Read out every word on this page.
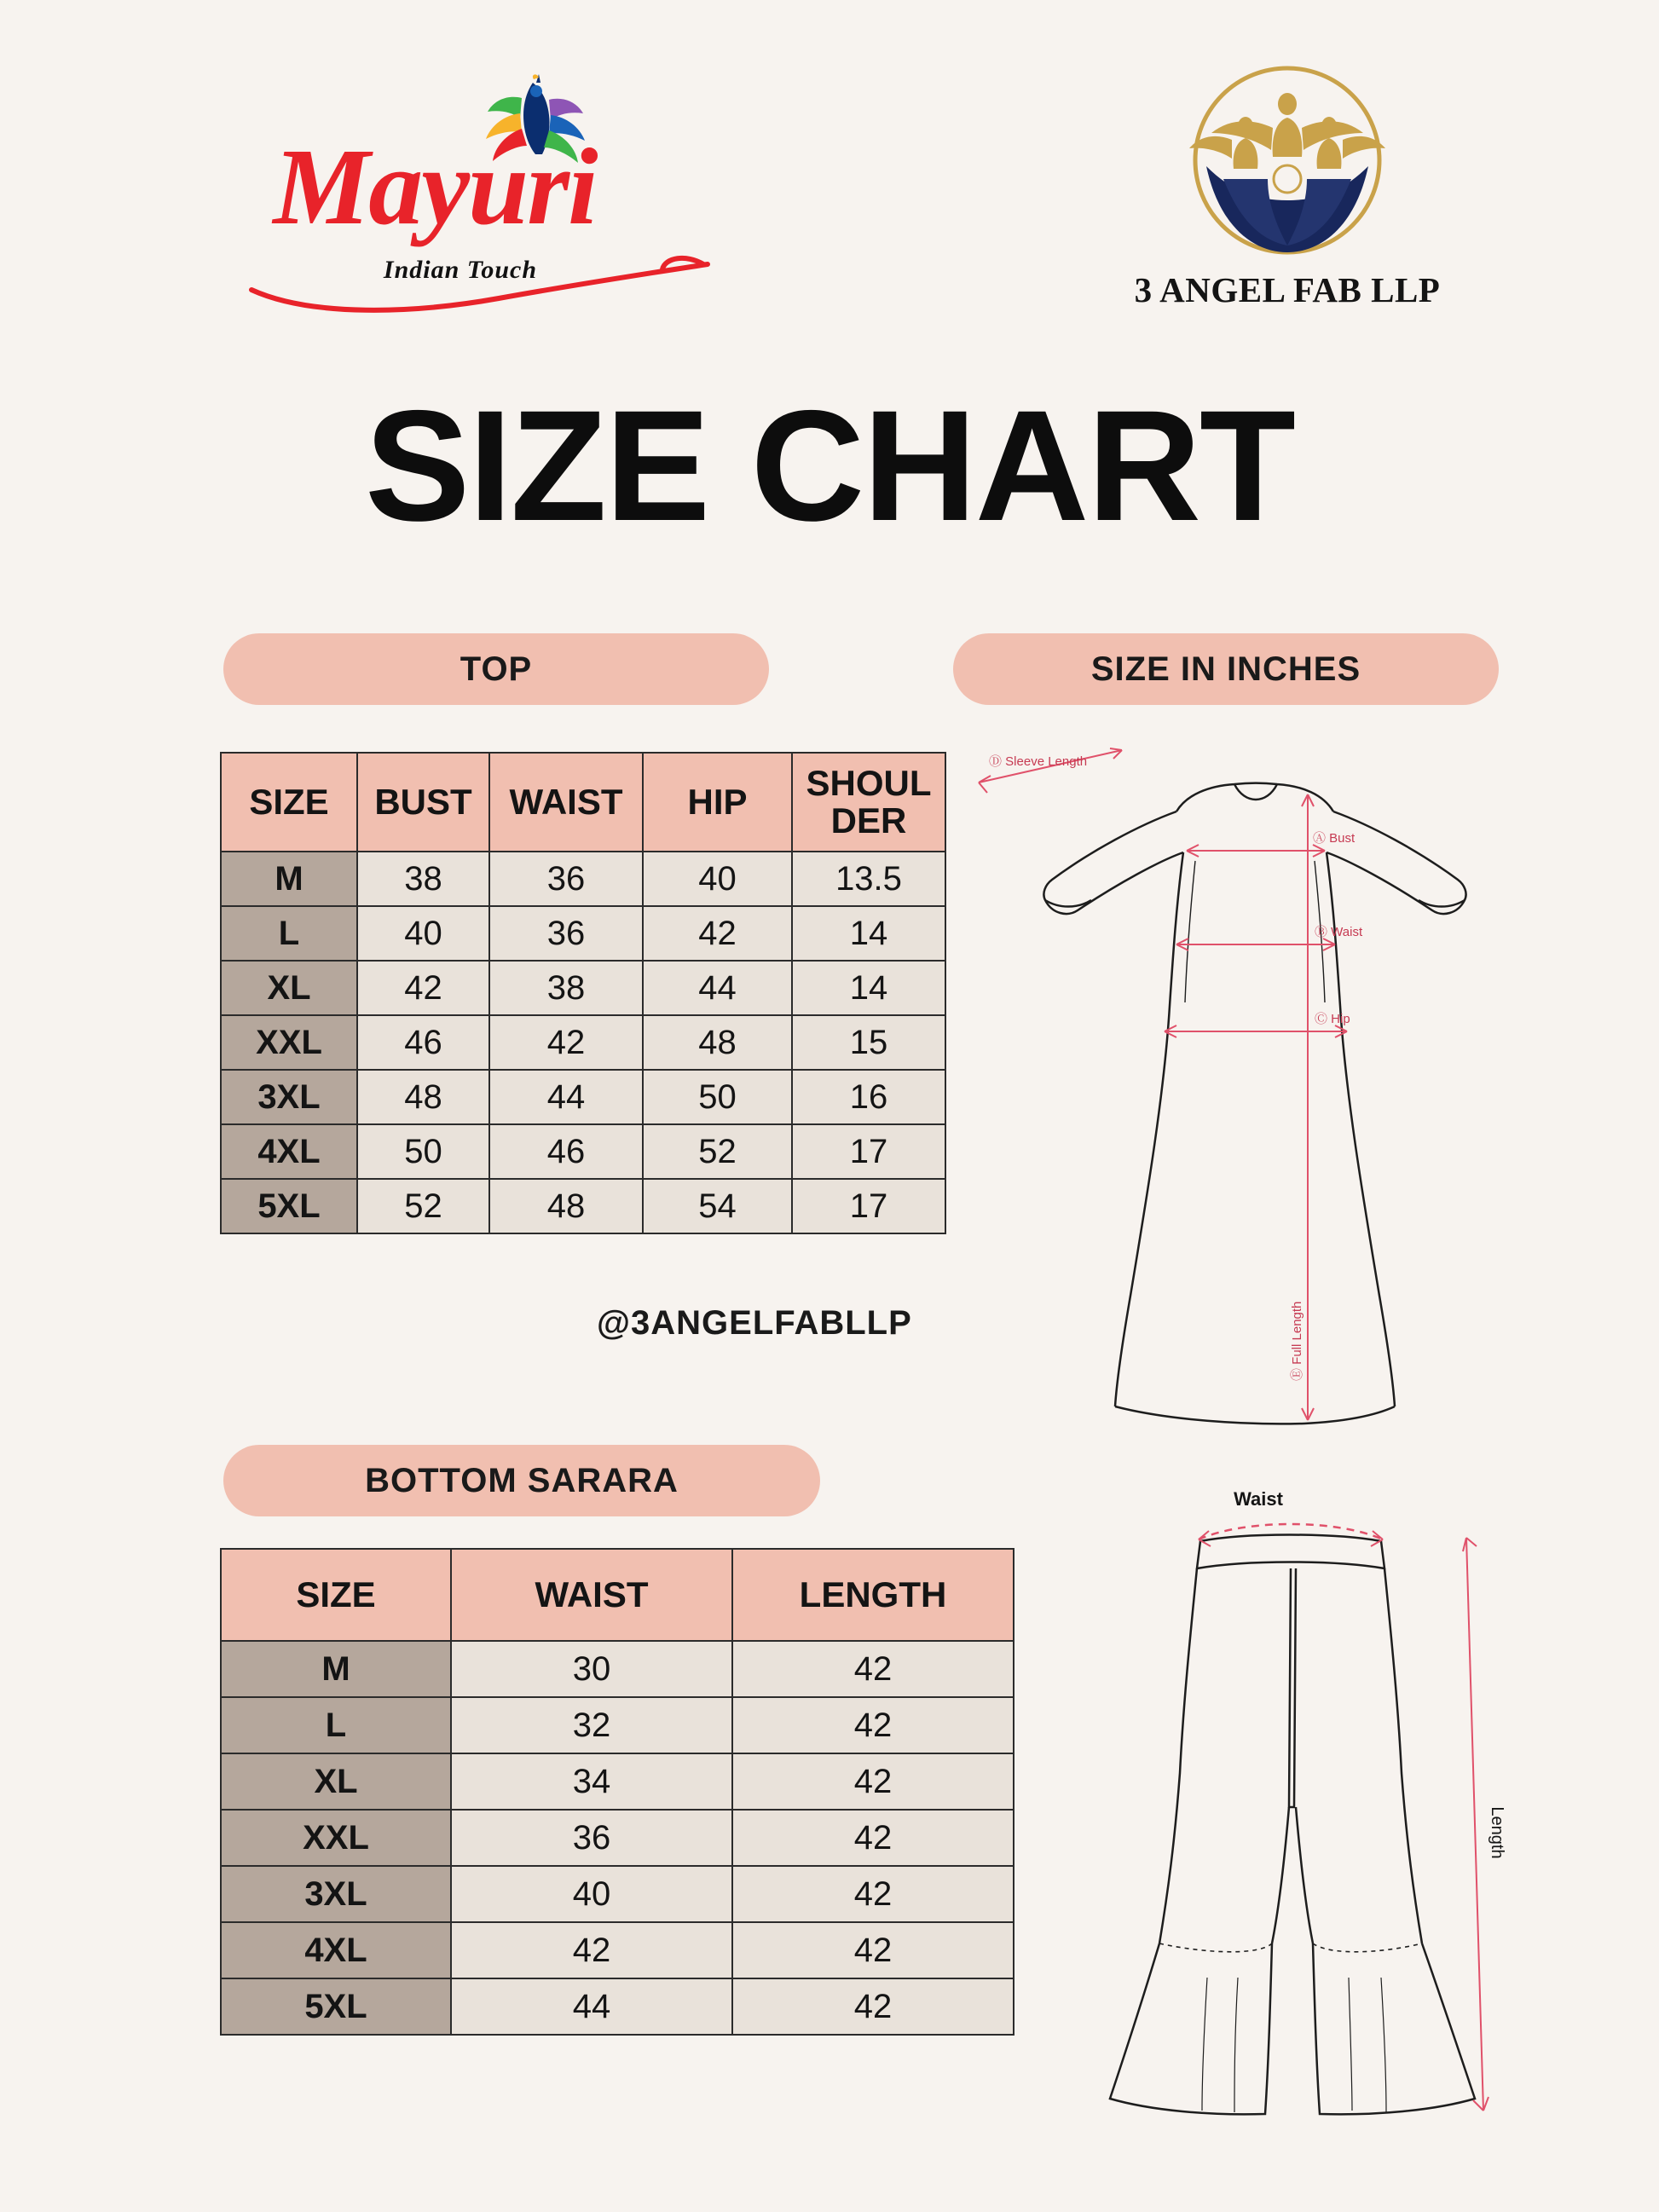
Mayuri
Indian Touch
3 ANGEL FAB LLP
SIZE CHART
TOP	SIZE IN INCHES
BOTTOM SARARA
SIZE	BUST	WAIST	HIP	SHOUL DER
M	38	36	40	13.5
L	40	36	42	14
XL	42	38	44	14
XXL	46	42	48	15
3XL	48	44	50	16
4XL	50	46	52	17
5XL	52	48	54	17
@3ANGELFABLLP
SIZE	WAIST	LENGTH
M	30	42
L	32	42
XL	34	42
XXL	36	42
3XL	40	42
4XL	42	42
5XL	44	42
Ⓓ Sleeve Length
Ⓐ Bust
Ⓑ Waist
Ⓒ Hip
Ⓔ Full Length
Waist
Length
